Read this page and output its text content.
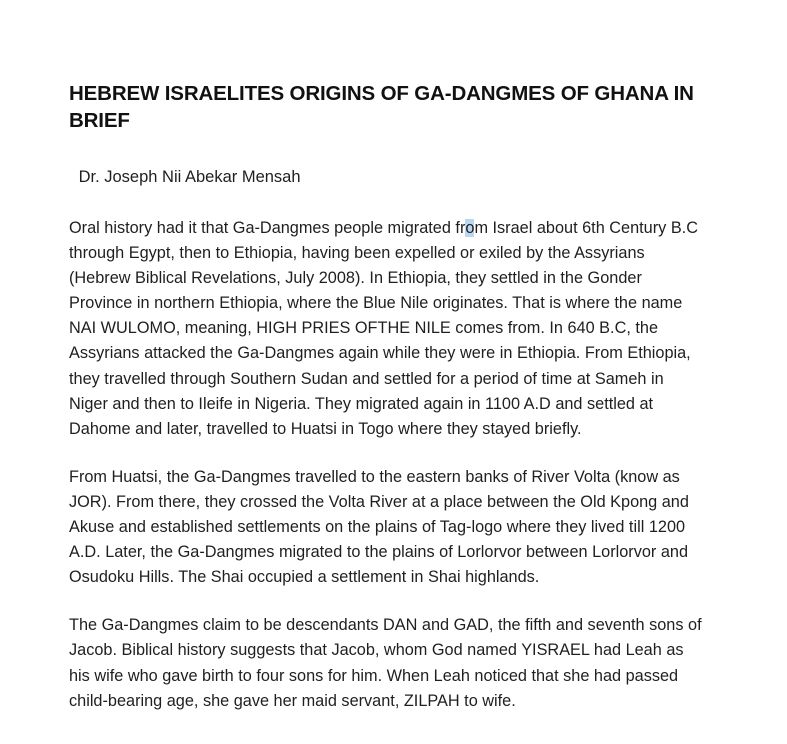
HEBREW ISRAELITES ORIGINS OF GA-DANGMES OF GHANA IN BRIEF

Dr. Joseph Nii Abekar Mensah

Oral history had it that Ga-Dangmes people migrated from Israel about 6th Century B.C through Egypt, then to Ethiopia, having been expelled or exiled by the Assyrians (Hebrew Biblical Revelations, July 2008). In Ethiopia, they settled in the Gonder Province in northern Ethiopia, where the Blue Nile originates. That is where the name NAI WULOMO, meaning, HIGH PRIES OFTHE NILE comes from. In 640 B.C, the Assyrians attacked the Ga-Dangmes again while they were in Ethiopia. From Ethiopia, they travelled through Southern Sudan and settled for a period of time at Sameh in Niger and then to Ileife in Nigeria. They migrated again in 1100 A.D and settled at Dahome and later, travelled to Huatsi in Togo where they stayed briefly.

From Huatsi, the Ga-Dangmes travelled to the eastern banks of River Volta (know as JOR). From there, they crossed the Volta River at a place between the Old Kpong and Akuse and established settlements on the plains of Tag-logo where they lived till 1200 A.D. Later, the Ga-Dangmes migrated to the plains of Lorlorvor between Lorlorvor and Osudoku Hills. The Shai occupied a settlement in Shai highlands.

The Ga-Dangmes claim to be descendants DAN and GAD, the fifth and seventh sons of Jacob. Biblical history suggests that Jacob, whom God named YISRAEL had Leah as his wife who gave birth to four sons for him. When Leah noticed that she had passed child-bearing age, she gave her maid servant, ZILPAH to wife.
